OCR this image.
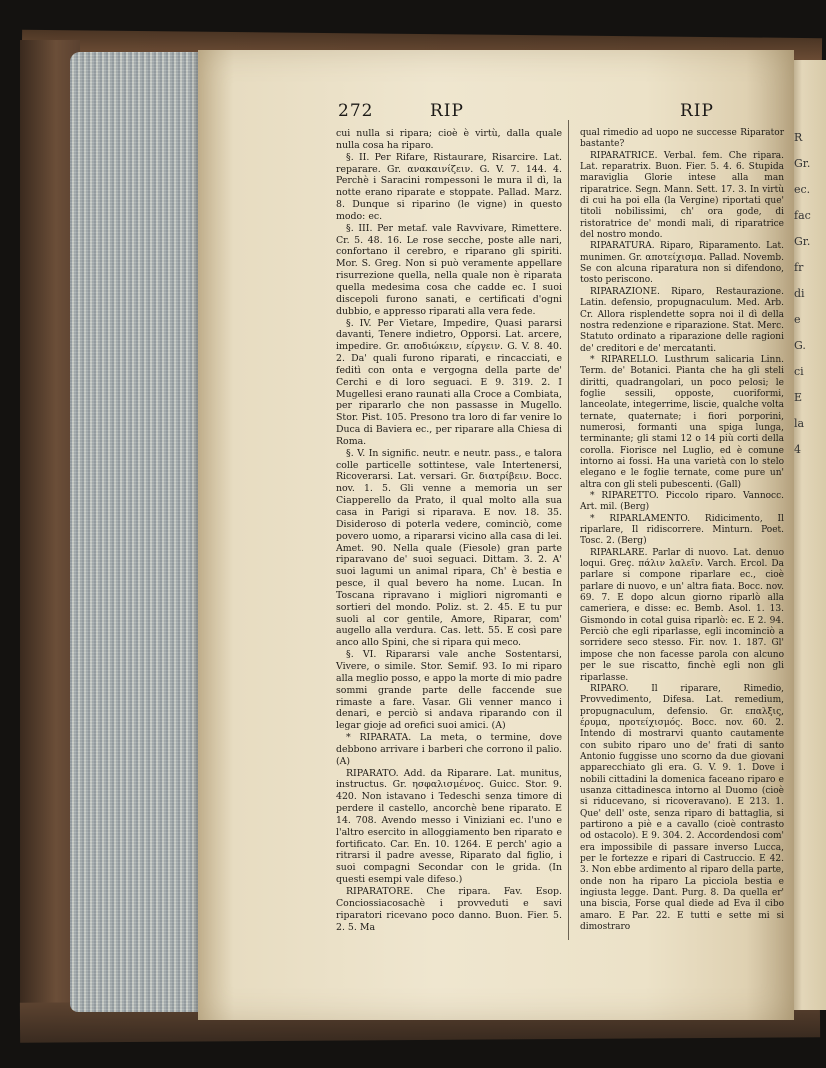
R
Gr.
ec.
fac
Gr.
fr
di
e
G.
ci
E
la
4
272	RIP	RIP

cui nulla si ripara; cioè è virtù, dalla quale nulla cosa ha riparo.

§. II. Per Rifare, Ristaurare, Risarcire. Lat. reparare. Gr. ανακαινίζειν. G. V. 7. 144. 4. Perchè i Saracini rompessoni le mura il dì, la notte erano riparate e stoppate. Pallad. Marz. 8. Dunque si riparino (le vigne) in questo modo: ec.

§. III. Per metaf. vale Ravvivare, Rimettere. Cr. 5. 48. 16. Le rose secche, poste alle nari, confortano il cerebro, e riparano gli spiriti. Mor. S. Greg. Non si può veramente appellare risurrezione quella, nella quale non è riparata quella medesima cosa che cadde ec. I suoi discepoli furono sanati, e certificati d'ogni dubbio, e appresso riparati alla vera fede.

§. IV. Per Vietare, Impedire, Quasi pararsi davanti, Tenere indietro, Opporsi. Lat. arcere, impedire. Gr. αποδιώκειν, είργειν. G. V. 8. 40. 2. Da' quali furono riparati, e rincacciati, e feditì con onta e vergogna della parte de' Cerchi e di loro seguaci. E 9. 319. 2. I Mugellesi erano raunati alla Croce a Combiata, per ripararlo che non passasse in Mugello. Stor. Pist. 105. Presono tra loro di far venire lo Duca di Baviera ec., per riparare alla Chiesa di Roma.

§. V. In signific. neutr. e neutr. pass., e talora colle particelle sottintese, vale Intertenersi, Ricoverarsi. Lat. versari. Gr. διατρίβειν. Bocc. nov. 1. 5. Gli venne a memoria un ser Ciapperello da Prato, il qual molto alla sua casa in Parigi si riparava. E nov. 18. 35. Disideroso di poterla vedere, cominciò, come povero uomo, a ripararsi vicino alla casa di lei. Amet. 90. Nella quale (Fiesole) gran parte riparavano de' suoi seguaci. Dittam. 3. 2. A' suoi lagumi un animal ripara, Ch' è bestia e pesce, il qual bevero ha nome. Lucan. In Toscana ripravano i migliori nigromanti e sortieri del mondo. Poliz. st. 2. 45. E tu pur suoli al cor gentile, Amore, Riparar, com' augello alla verdura. Cas. lett. 55. E così pare anco allo Spini, che si ripara qui meco.

§. VI. Ripararsi vale anche Sostentarsi, Vivere, o simile. Stor. Semif. 93. Io mi riparo alla meglio posso, e appo la morte di mio padre sommi grande parte delle faccende sue rimaste a fare. Vasar. Gli venner manco i denari, e perciò si andava riparando con il legar gioje ad orefici suoi amici. (A)

* RIPARATA. La meta, o termine, dove debbono arrivare i barberi che corrono il palio. (A)

RIPARATO. Add. da Riparare. Lat. munitus, instructus. Gr. ησφαλισμένος. Guicc. Stor. 9. 420. Non istavano i Tedeschi senza timore di perdere il castello, ancorchè bene riparato. E 14. 708. Avendo messo i Viniziani ec. l'uno e l'altro esercito in alloggiamento ben riparato e fortificato. Car. En. 10. 1264. E perch' agio a ritrarsi il padre avesse, Riparato dal figlio, i suoi compagni Secondar con le grida. (In questi esempi vale difeso.)

RIPARATORE. Che ripara. Fav. Esop. Conciossiacosachè i provveduti e savi riparatori ricevano poco danno. Buon. Fier. 5. 2. 5. Ma

qual rimedio ad uopo ne successe Riparator bastante?

RIPARATRICE. Verbal. fem. Che ripara. Lat. reparatrix. Buon. Fier. 5. 4. 6. Stupida maraviglia Glorie intese alla man riparatrice. Segn. Mann. Sett. 17. 3. In virtù di cui ha poi ella (la Vergine) riportati que' titoli nobilissimi, ch' ora gode, di ristoratrice de' mondi mali, di riparatrice del nostro mondo.

RIPARATURA. Riparo, Riparamento. Lat. munimen. Gr. αποτείχισμα. Pallad. Novemb. Se con alcuna riparatura non si difendono, tosto periscono.

RIPARAZIONE. Riparo, Restaurazione. Latin. defensio, propugnaculum. Med. Arb. Cr. Allora risplendette sopra noi il dì della nostra redenzione e riparazione. Stat. Merc. Statuto ordinato a riparazione delle ragioni de' creditori e de' mercatanti.

* RIPARELLO. Lusthrum salicaria Linn. Term. de' Botanici. Pianta che ha gli steli diritti, quadrangolari, un poco pelosi; le foglie sessili, opposte, cuoriformi, lanceolate, integerrime, liscie, qualche volta ternate, quaternate; i fiori porporini, numerosi, formanti una spiga lunga, terminante; gli stami 12 o 14 più corti della corolla. Fiorisce nel Luglio, ed è comune intorno ai fossi. Ha una varietà con lo stelo elegano e le foglie ternate, come pure un' altra con gli steli pubescenti. (Gall)

* RIPARETTO. Piccolo riparo. Vannocc. Art. mil. (Berg)

* RIPARLAMENTO. Ridicimento, Il riparlare, Il ridiscorrere. Minturn. Poet. Tosc. 2. (Berg)

RIPARLARE. Parlar di nuovo. Lat. denuo loqui. Greç. πάλιν λαλεῖν. Varch. Ercol. Da parlare si compone riparlare ec., cioè parlare di nuovo, e un' altra fiata. Bocc. nov. 69. 7. E dopo alcun giorno riparlò alla cameriera, e disse: ec. Bemb. Asol. 1. 13. Gismondo in cotal guisa riparlò: ec. E 2. 94. Perciò che egli riparlasse, egli incominciò a sorridere seco stesso. Fir. nov. 1. 187. Gl' impose che non facesse parola con alcuno per le sue riscatto, finchè egli non gli riparlasse.

RIPARO. Il riparare, Rimedio, Provvedimento, Difesa. Lat. remedium, propugnaculum, defensio. Gr. επαλξις, έρυμα, προτείχισμός. Bocc. nov. 60. 2. Intendo di mostrarvi quanto cautamente con subito riparo uno de' frati di santo Antonio fuggisse uno scorno da due giovani apparecchiato gli era. G. V. 9. 1. Dove i nobili cittadini la domenica faceano riparo e usanza cittadinesca intorno al Duomo (cioè si riducevano, si ricoveravano). E 213. 1. Que' dell' oste, senza riparo di battaglia, si partirono a piè e a cavallo (cioè contrasto od ostacolo). E 9. 304. 2. Accordendosi com' era impossibile di passare inverso Lucca, per le fortezze e ripari di Castruccio. E 42. 3. Non ebbe ardimento al riparo della parte, onde non ha riparo La picciola bestia e ingiusta legge. Dant. Purg. 8. Da quella er' una biscia, Forse qual diede ad Eva il cibo amaro. E Par. 22. E tutti e sette mi si dimostraro
